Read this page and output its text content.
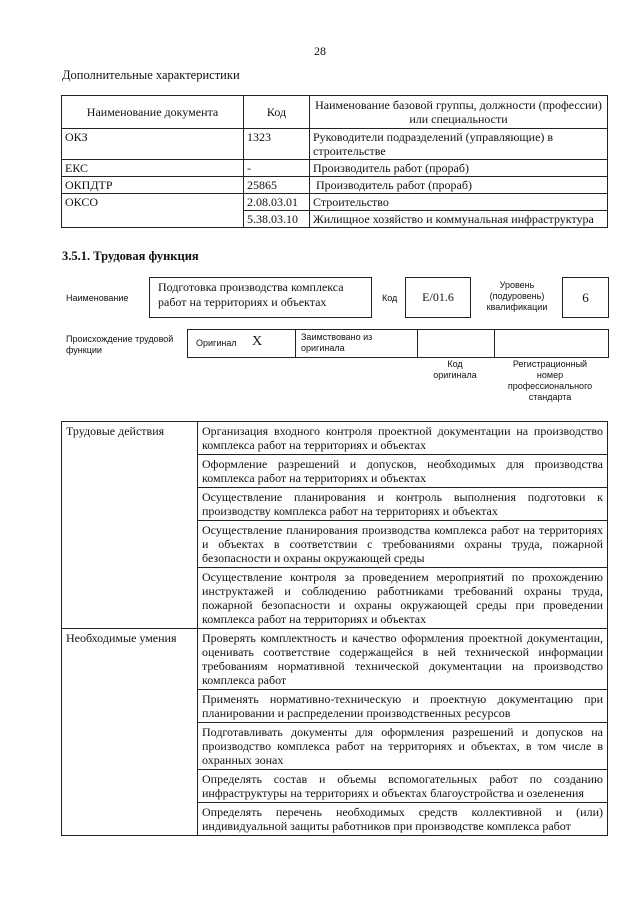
28
Дополнительные характеристики
Наименование документа	Код	Наименование базовой группы, должности (профессии) или специальности
ОКЗ	1323	Руководители подразделений (управляющие) в строительстве
ЕКС	-	Производитель работ (прораб)
ОКПДТР	25865	Производитель работ (прораб)
ОКСО	2.08.03.01	Строительство
	5.38.03.10	Жилищное хозяйство и коммунальная инфраструктура
3.5.1. Трудовая функция
Наименование
Подготовка производства комплекса работ на территориях и объектах	Код	E/01.6
Уровень (подуровень) квалификации
6
Происхождение трудовой функции
Оригинал X	Заимствовано из оригинала
Код оригинала
Регистрационный номер профессионального стандарта
Трудовые действия	Организация входного контроля проектной документации на производство комплекса работ на территориях и объектах
	Оформление разрешений и допусков, необходимых для производства комплекса работ на территориях и объектах
	Осуществление планирования и контроль выполнения подготовки к производству комплекса работ на территориях и объектах
	Осуществление планирования производства комплекса работ на территориях и объектах в соответствии с требованиями охраны труда, пожарной безопасности и охраны окружающей среды
	Осуществление контроля за проведением мероприятий по прохождению инструктажей и соблюдению работниками требований охраны труда, пожарной безопасности и охраны окружающей среды при проведении комплекса работ на территориях и объектах
Необходимые умения	Проверять комплектность и качество оформления проектной документации, оценивать соответствие содержащейся в ней технической информации требованиям нормативной технической документации на производство комплекса работ
	Применять нормативно-техническую и проектную документацию при планировании и распределении производственных ресурсов
	Подготавливать документы для оформления разрешений и допусков на производство комплекса работ на территориях и объектах, в том числе в охранных зонах
	Определять состав и объемы вспомогательных работ по созданию инфраструктуры на территориях и объектах благоустройства и озеленения
	Определять перечень необходимых средств коллективной и (или) индивидуальной защиты работников при производстве комплекса работ
